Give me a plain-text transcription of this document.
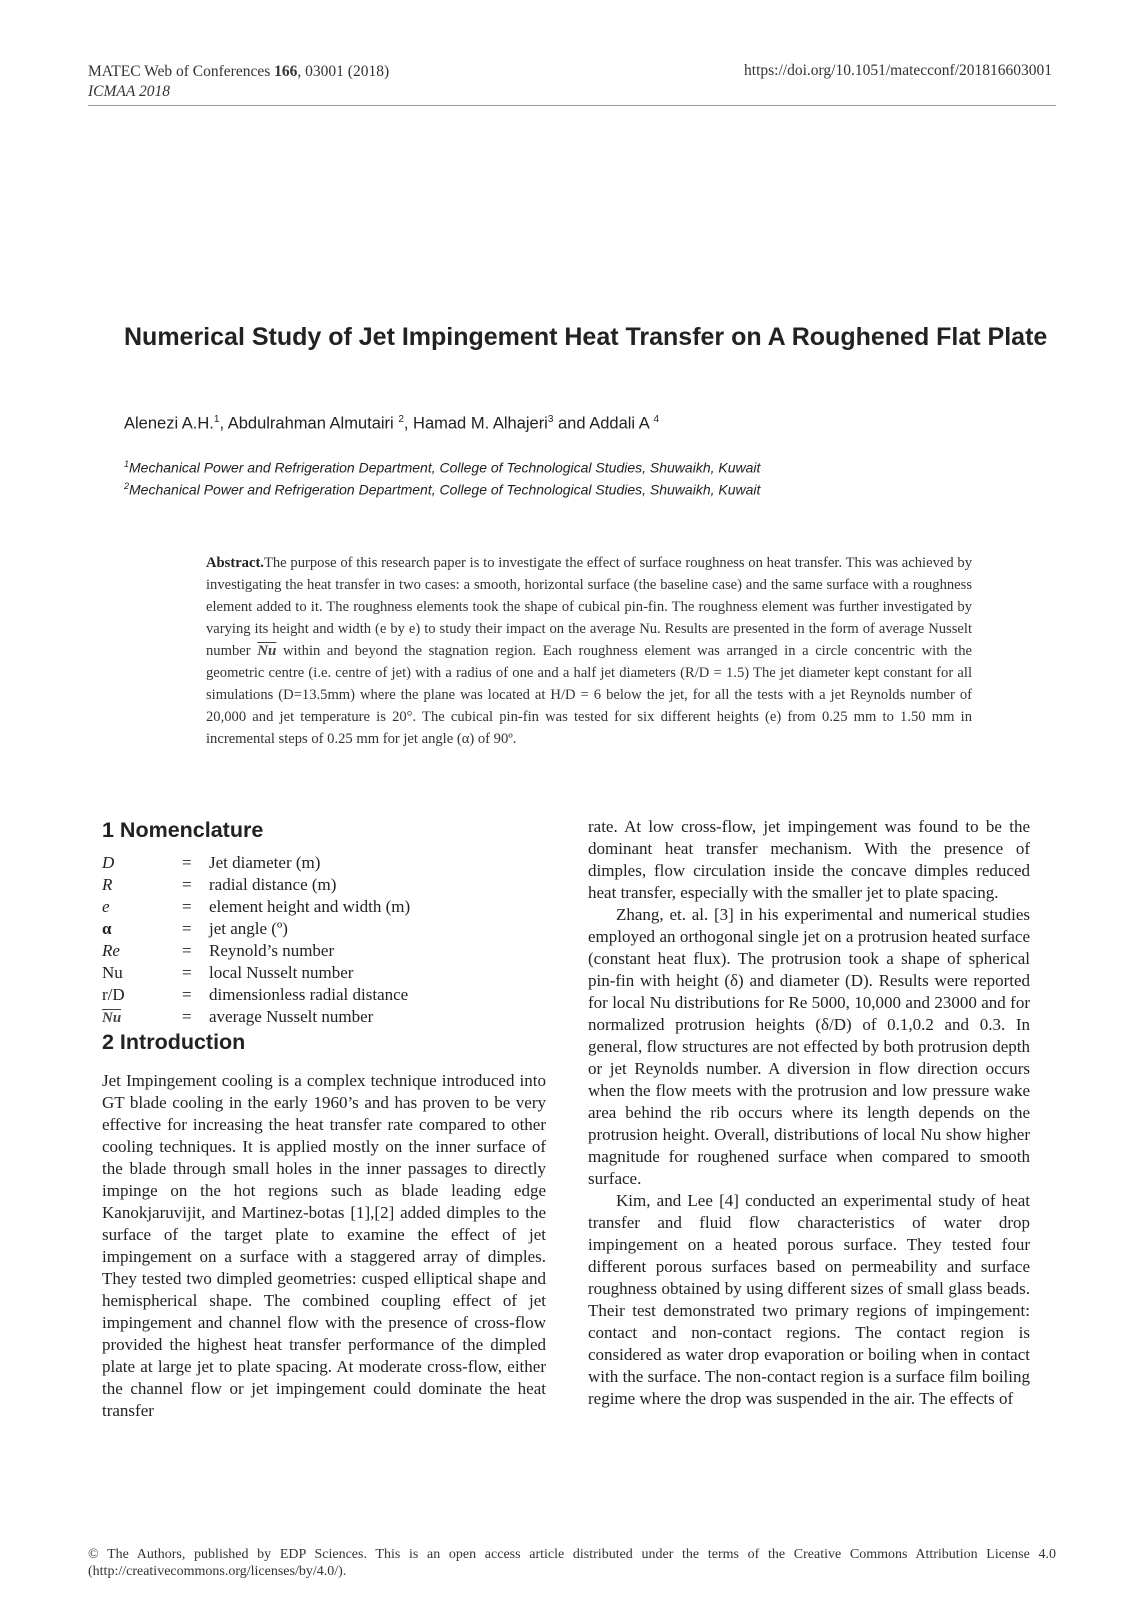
MATEC Web of Conferences 166, 03001 (2018)
ICMAA 2018
https://doi.org/10.1051/matecconf/201816603001
Numerical Study of Jet Impingement Heat Transfer on A Roughened Flat Plate
Alenezi A.H.$^1$, Abdulrahman Almutairi $^2$, Hamad M. Alhajeri$^3$ and Addali A $^4$
$^1$Mechanical Power and Refrigeration Department, College of Technological Studies, Shuwaikh, Kuwait
$^2$Mechanical Power and Refrigeration Department, College of Technological Studies, Shuwaikh, Kuwait
Abstract.The purpose of this research paper is to investigate the effect of surface roughness on heat transfer. This was achieved by investigating the heat transfer in two cases: a smooth, horizontal surface (the baseline case) and the same surface with a roughness element added to it. The roughness elements took the shape of cubical pin-fin. The roughness element was further investigated by varying its height and width (e by e) to study their impact on the average Nu. Results are presented in the form of average Nusselt number $\overline{Nu}$ within and beyond the stagnation region. Each roughness element was arranged in a circle concentric with the geometric centre (i.e. centre of jet) with a radius of one and a half jet diameters (R/D = 1.5) The jet diameter kept constant for all simulations (D=13.5mm) where the plane was located at H/D = 6 below the jet, for all the tests with a jet Reynolds number of 20,000 and jet temperature is 20°. The cubical pin-fin was tested for six different heights (e) from 0.25 mm to 1.50 mm in incremental steps of 0.25 mm for jet angle (α) of 90º.
1 Nomenclature
D	=	Jet diameter (m)
R	=	radial distance (m)
e	=	element height and width (m)
α	=	jet angle (º)
Re	=	Reynold’s number
Nu	=	local Nusselt number
r/D	=	dimensionless radial distance
$\overline{Nu}$	=	average Nusselt number
2 Introduction

Jet Impingement cooling is a complex technique introduced into GT blade cooling in the early 1960’s and has proven to be very effective for increasing the heat transfer rate compared to other cooling techniques. It is applied mostly on the inner surface of the blade through small holes in the inner passages to directly impinge on the hot regions such as blade leading edge Kanokjaruvijit, and Martinez-botas [1],[2] added dimples to the surface of the target plate to examine the effect of jet impingement on a surface with a staggered array of dimples. They tested two dimpled geometries: cusped elliptical shape and hemispherical shape. The combined coupling effect of jet impingement and channel flow with the presence of cross-flow provided the highest heat transfer performance of the dimpled plate at large jet to plate spacing. At moderate cross-flow, either the channel flow or jet impingement could dominate the heat transfer

rate. At low cross-flow, jet impingement was found to be the dominant heat transfer mechanism. With the presence of dimples, flow circulation inside the concave dimples reduced heat transfer, especially with the smaller jet to plate spacing.

Zhang, et. al. [3] in his experimental and numerical studies employed an orthogonal single jet on a protrusion heated surface (constant heat flux). The protrusion took a shape of spherical pin-fin with height (δ) and diameter (D). Results were reported for local Nu distributions for Re 5000, 10,000 and 23000 and for normalized protrusion heights (δ/D) of 0.1,0.2 and 0.3. In general, flow structures are not effected by both protrusion depth or jet Reynolds number. A diversion in flow direction occurs when the flow meets with the protrusion and low pressure wake area behind the rib occurs where its length depends on the protrusion height. Overall, distributions of local Nu show higher magnitude for roughened surface when compared to smooth surface.

Kim, and Lee [4] conducted an experimental study of heat transfer and fluid flow characteristics of water drop impingement on a heated porous surface. They tested four different porous surfaces based on permeability and surface roughness obtained by using different sizes of small glass beads. Their test demonstrated two primary regions of impingement: contact and non-contact regions. The contact region is considered as water drop evaporation or boiling when in contact with the surface. The non-contact region is a surface film boiling regime where the drop was suspended in the air. The effects of

© The Authors, published by EDP Sciences. This is an open access article distributed under the terms of the Creative Commons Attribution License 4.0 (http://creativecommons.org/licenses/by/4.0/).
